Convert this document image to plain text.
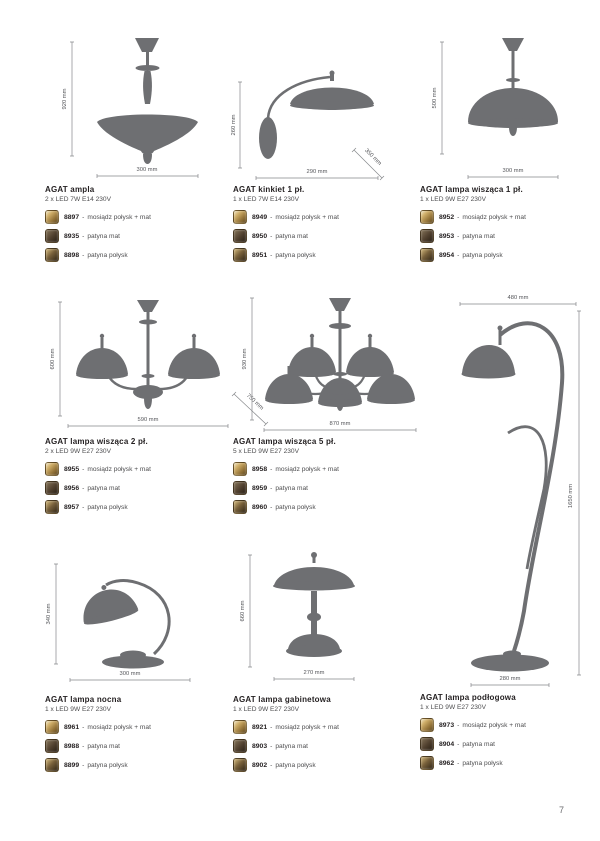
920 mm
300 mm
260 mm
290 mm
350 mm
500 mm
300 mm
600 mm
590 mm
750 mm
930 mm
870 mm
480 mm
1650 mm
280 mm
340 mm
300 mm
660 mm
270 mm
AGAT ampla
2 x LED 7W E14 230V
8897 - mosiądz połysk + mat
8935 - patyna mat
8898 - patyna połysk
AGAT kinkiet 1 pł.
1 x LED 7W E14 230V
8949 - mosiądz połysk + mat
8950 - patyna mat
8951 - patyna połysk
AGAT lampa wisząca 1 pł.
1 x LED 9W E27 230V
8952 - mosiądz połysk + mat
8953 - patyna mat
8954 - patyna połysk
AGAT lampa wisząca 2 pł.
2 x LED 9W E27 230V
8955 - mosiądz połysk + mat
8956 - patyna mat
8957 - patyna połysk
AGAT lampa wisząca 5 pł.
5 x LED 9W E27 230V
8958 - mosiądz połysk + mat
8959 - patyna mat
8960 - patyna połysk
AGAT lampa nocna
1 x LED 9W E27 230V
8961 - mosiądz połysk + mat
8988 - patyna mat
8899 - patyna połysk
AGAT lampa gabinetowa
1 x LED 9W E27 230V
8921 - mosiądz połysk + mat
8903 - patyna mat
8902 - patyna połysk
AGAT lampa podłogowa
1 x LED 9W E27 230V
8973 - mosiądz połysk + mat
8904 - patyna mat
8962 - patyna połysk
7
